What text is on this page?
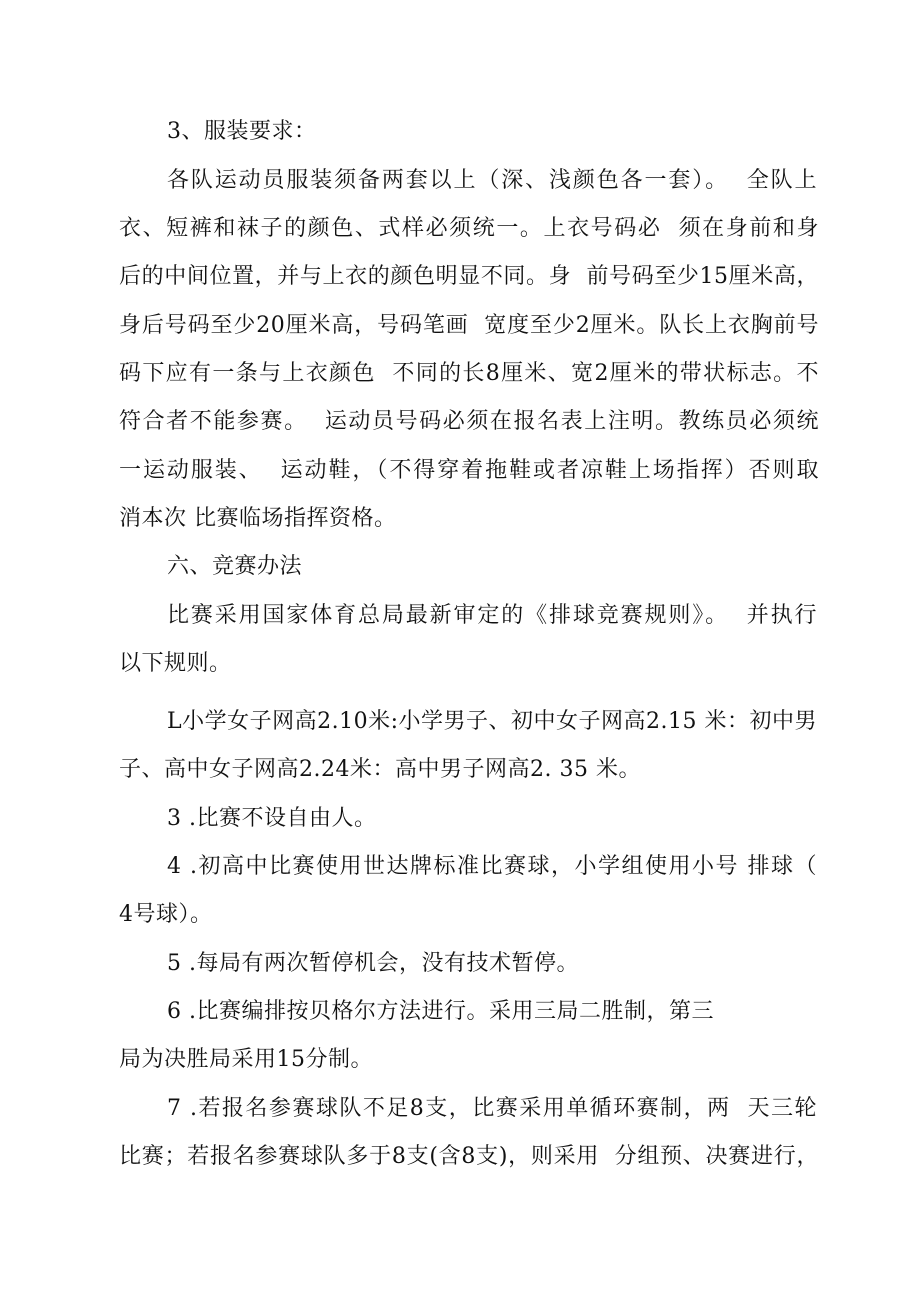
3、服装要求：
各队运动员服装须备两套以上（深、浅颜色各一套）。  全队上
衣、短裤和袜子的颜色、式样必须统一。上衣号码必  须在身前和身
后的中间位置，并与上衣的颜色明显不同。身  前号码至少15厘米高，
身后号码至少20厘米高，号码笔画  宽度至少2厘米。队长上衣胸前号
码下应有一条与上衣颜色  不同的长8厘米、宽2厘米的带状标志。不
符合者不能参赛。  运动员号码必须在报名表上注明。教练员必须统
一运动服装、  运动鞋，（不得穿着拖鞋或者凉鞋上场指挥）否则取
消本次 比赛临场指挥资格。
六、竞赛办法
比赛采用国家体育总局最新审定的《排球竞赛规则》。  并执行
以下规则。
L小学女子网高2.10米:小学男子、初中女子网高2.15 米：初中男
子、高中女子网高2.24米：高中男子网高2. 35 米。
3 .比赛不设自由人。
4 .初高中比赛使用世达牌标准比赛球，小学组使用小号 排球（
4号球）。
5 .每局有两次暂停机会，没有技术暂停。
6 .比赛编排按贝格尔方法进行。采用三局二胜制，第三
局为决胜局采用15分制。
7 .若报名参赛球队不足8支，比赛采用单循环赛制，两  天三轮
比赛；若报名参赛球队多于8支(含8支)，则采用  分组预、决赛进行，
